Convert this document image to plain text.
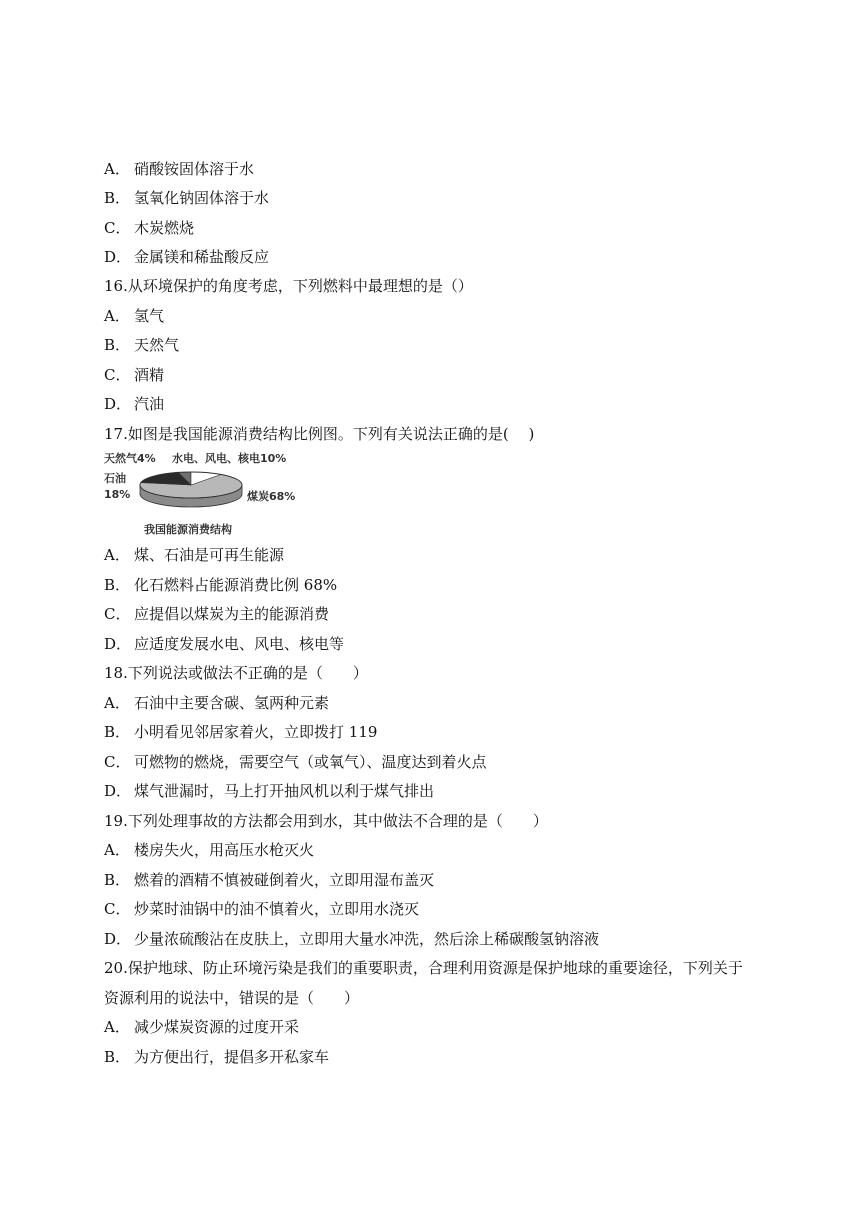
A． 硝酸铵固体溶于水
B． 氢氧化钠固体溶于水
C． 木炭燃烧
D． 金属镁和稀盐酸反应
16.从环境保护的角度考虑，下列燃料中最理想的是（）
A． 氢气
B． 天然气
C． 酒精
D． 汽油
17.如图是我国能源消费结构比例图。下列有关说法正确的是(　 )
天然气4% 水电、风电、核电10%
石油
18%	煤炭68%
我国能源消费结构
A． 煤、石油是可再生能源
B． 化石燃料占能源消费比例 68%
C． 应提倡以煤炭为主的能源消费
D． 应适度发展水电、风电、核电等
18.下列说法或做法不正确的是（　　）
A． 石油中主要含碳、氢两种元素
B． 小明看见邻居家着火，立即拨打 119
C． 可燃物的燃烧，需要空气（或氧气）、温度达到着火点
D． 煤气泄漏时，马上打开抽风机以利于煤气排出
19.下列处理事故的方法都会用到水，其中做法不合理的是（　　）
A． 楼房失火，用高压水枪灭火
B． 燃着的酒精不慎被碰倒着火，立即用湿布盖灭
C． 炒菜时油锅中的油不慎着火，立即用水浇灭
D． 少量浓硫酸沾在皮肤上，立即用大量水冲洗，然后涂上稀碳酸氢钠溶液
20.保护地球、防止环境污染是我们的重要职责，合理利用资源是保护地球的重要途径，下列关于
资源利用的说法中，错误的是（　　）
A． 减少煤炭资源的过度开采
B． 为方便出行，提倡多开私家车
